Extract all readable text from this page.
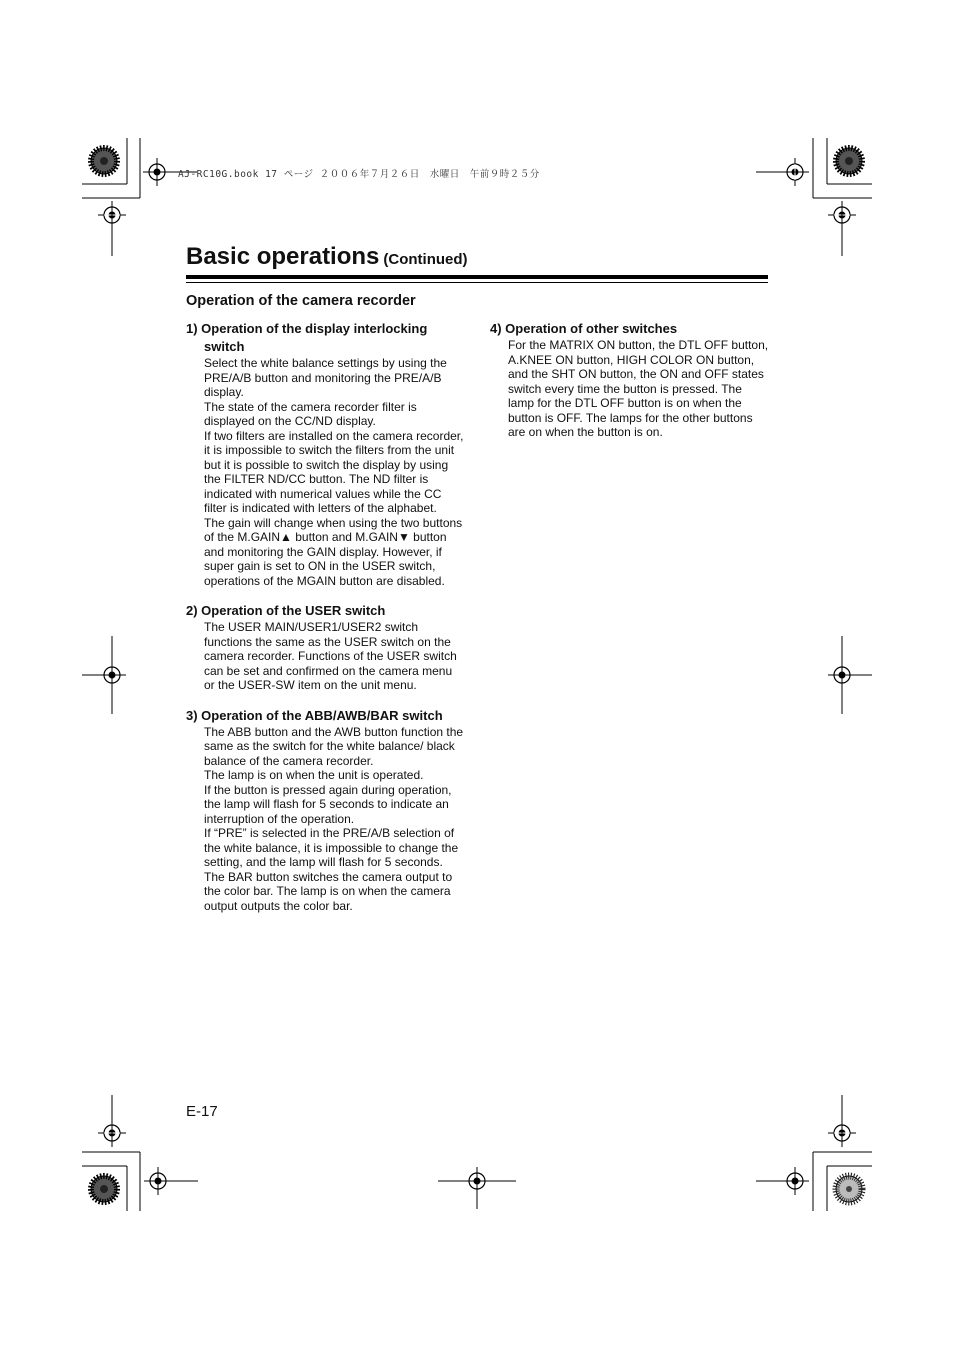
AJ-RC10G.book 17 ページ ２００６年７月２６日　水曜日　午前９時２５分
Basic operations (Continued)
Operation of the camera recorder
1) Operation of the display interlocking switch

Select the white balance settings by using the PRE/A/B button and monitoring the PRE/A/B display.

The state of the camera recorder filter is displayed on the CC/ND display.

If two filters are installed on the camera recorder, it is impossible to switch the filters from the unit but it is possible to switch the display by using the FILTER ND/CC button. The ND filter is indicated with numerical values while the CC filter is indicated with letters of the alphabet.

The gain will change when using the two buttons of the M.GAIN▲ button and M.GAIN▼ button and monitoring the GAIN display. However, if super gain is set to ON in the USER switch, operations of the MGAIN button are disabled.

2) Operation of the USER switch

The USER MAIN/USER1/USER2 switch functions the same as the USER switch on the camera recorder. Functions of the USER switch can be set and confirmed on the camera menu or the USER-SW item on the unit menu.

3) Operation of the ABB/AWB/BAR switch

The ABB button and the AWB button function the same as the switch for the white balance/ black balance of the camera recorder.

The lamp is on when the unit is operated.

If the button is pressed again during operation, the lamp will flash for 5 seconds to indicate an interruption of the operation.

If “PRE” is selected in the PRE/A/B selection of the white balance, it is impossible to change the setting, and the lamp will flash for 5 seconds.

The BAR button switches the camera output to the color bar. The lamp is on when the camera output outputs the color bar.

4) Operation of other switches

For the MATRIX ON button, the DTL OFF button, A.KNEE ON button, HIGH COLOR ON button, and the SHT ON button, the ON and OFF states switch every time the button is pressed. The lamp for the DTL OFF button is on when the button is OFF. The lamps for the other buttons are on when the button is on.

E-17
